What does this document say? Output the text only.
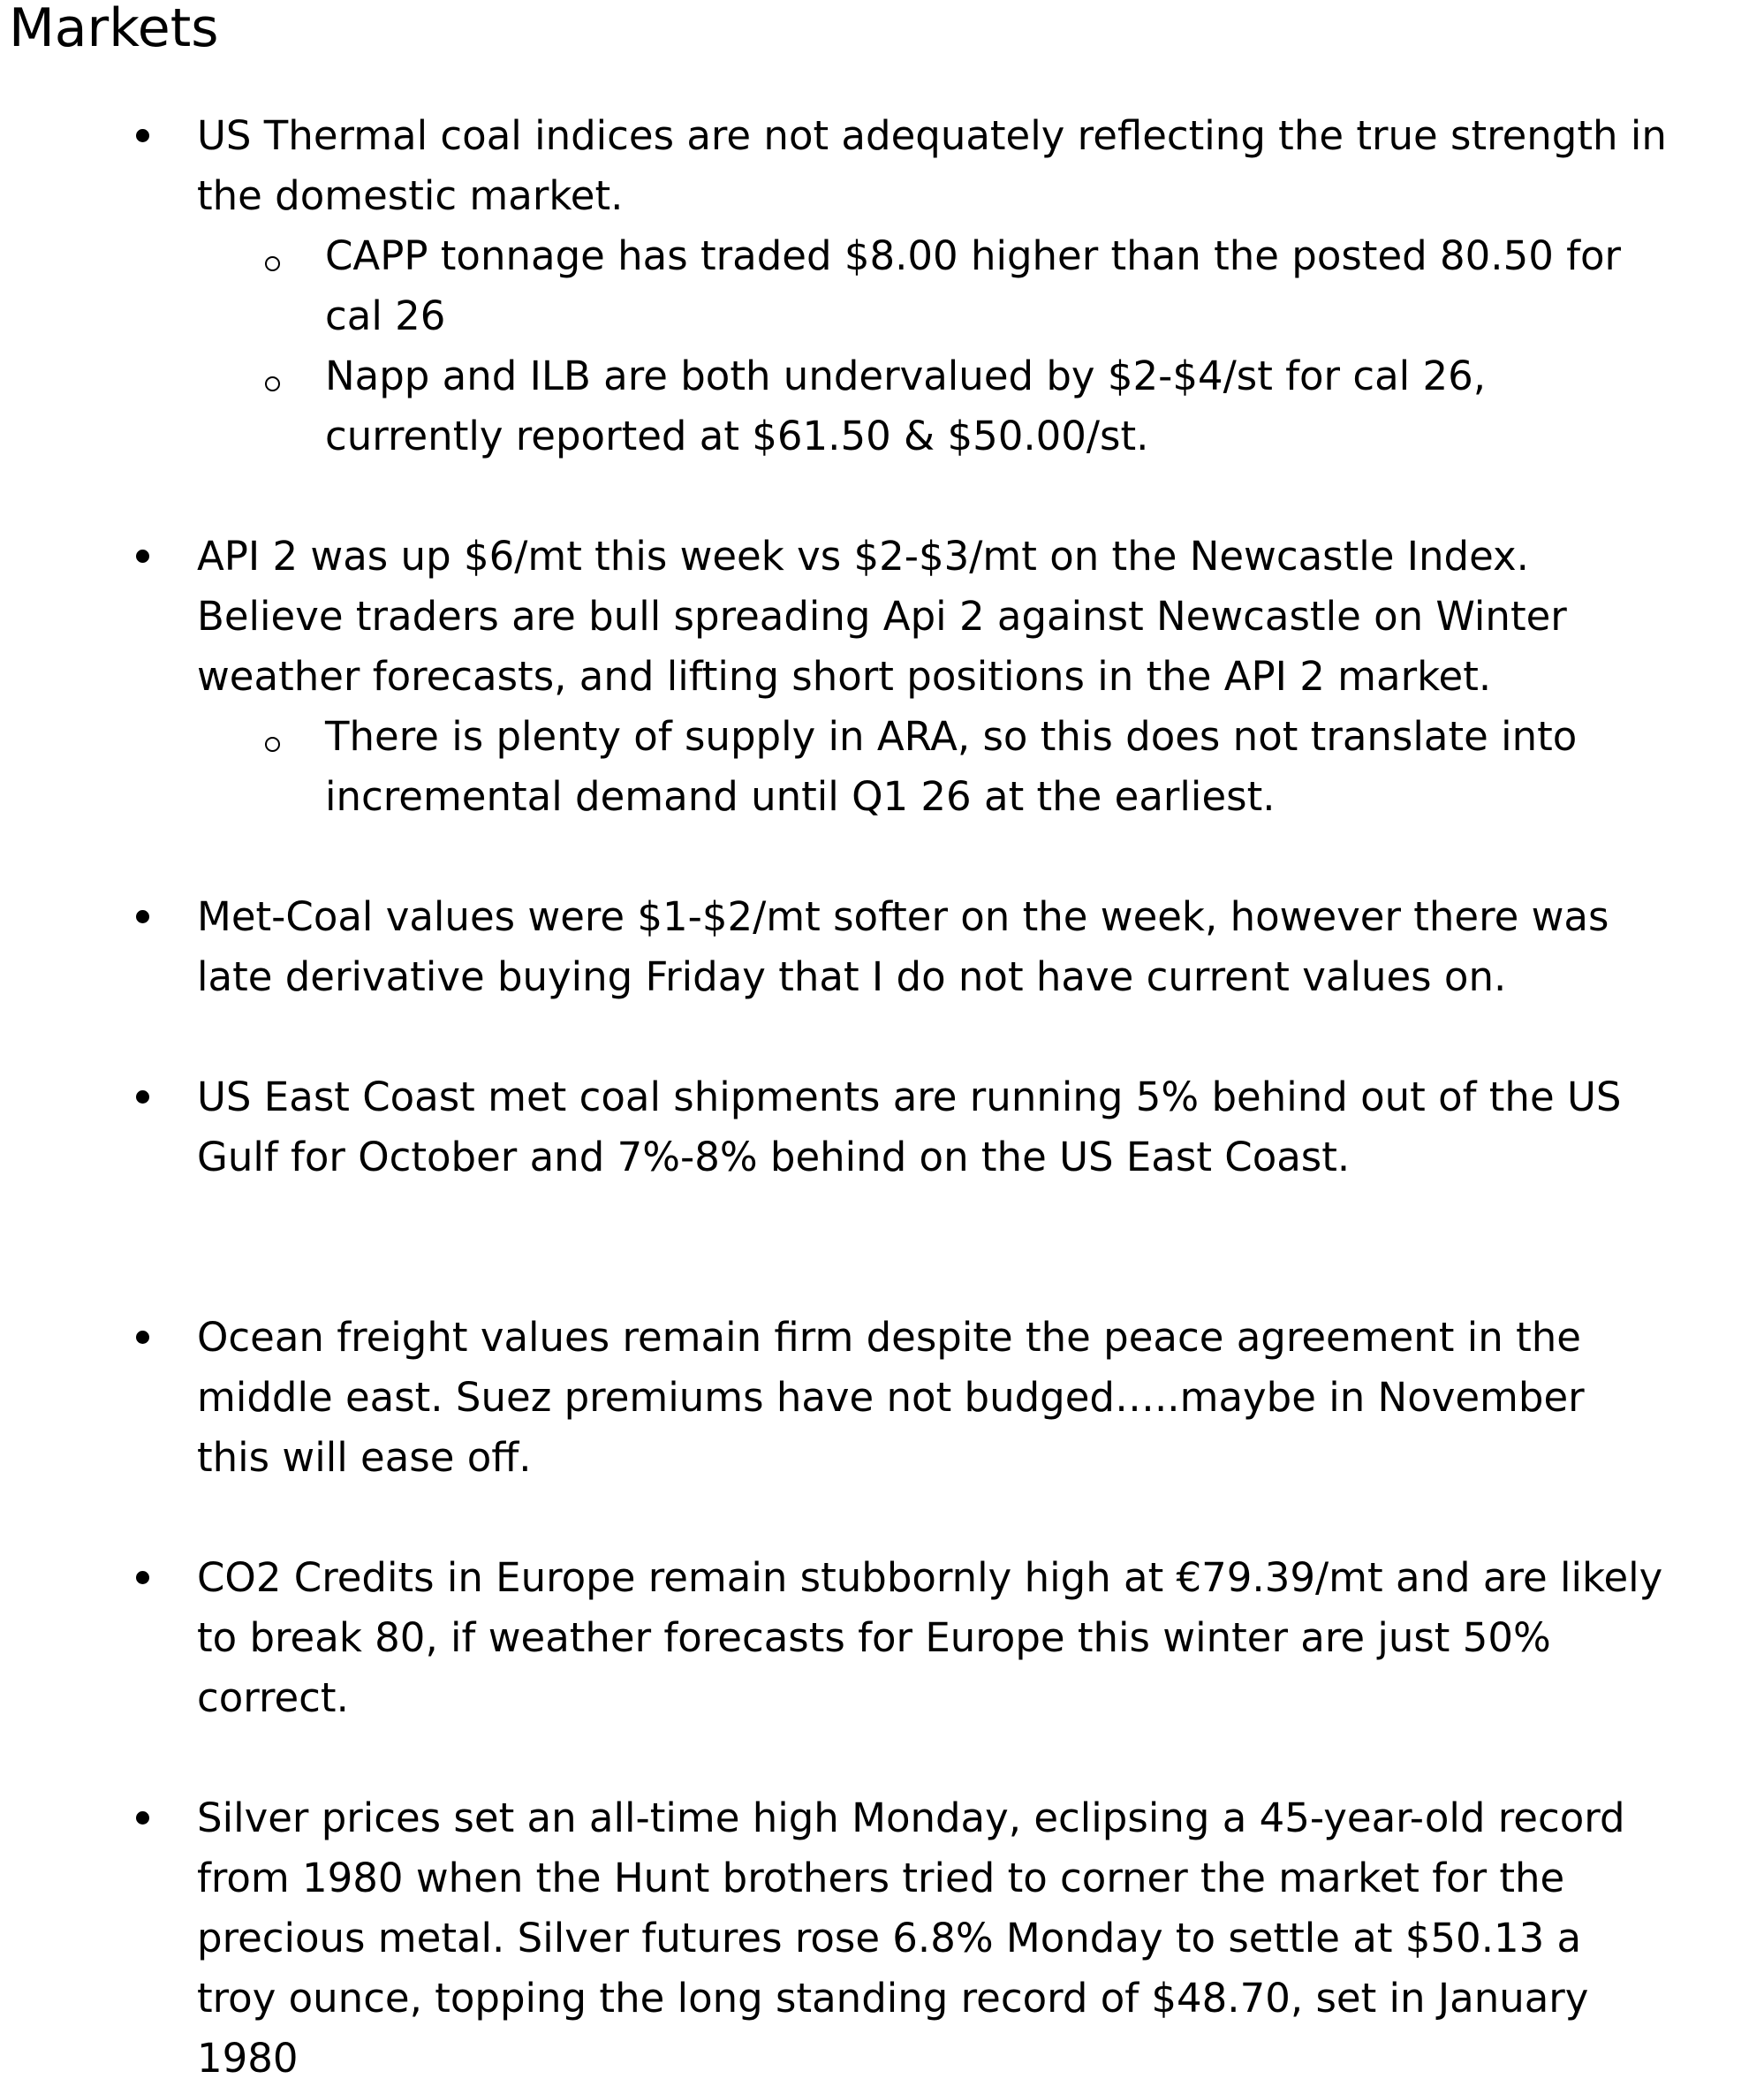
Markets
US Thermal coal indices are not adequately reflecting the true strength in the domestic market.
CAPP tonnage has traded $8.00 higher than the posted 80.50 for cal 26
Napp and ILB are both undervalued by $2-$4/st for cal 26, currently reported at $61.50 & $50.00/st.
API 2 was up $6/mt this week vs $2-$3/mt on the Newcastle Index. Believe traders are bull spreading Api 2 against Newcastle on Winter weather forecasts, and lifting short positions in the API 2 market.
There is plenty of supply in ARA, so this does not translate into incremental demand until Q1 26 at the earliest.
Met-Coal values were $1-$2/mt softer on the week, however there was late derivative buying Friday that I do not have current values on.
US East Coast met coal shipments are running 5% behind out of the US Gulf for October and 7%-8% behind on the US East Coast.
Ocean freight values remain firm despite the peace agreement in the middle east. Suez premiums have not budged…..maybe in November this will ease off.
CO2 Credits in Europe remain stubbornly high at €79.39/mt and are likely to break 80, if weather forecasts for Europe this winter are just 50% correct.
Silver prices set an all-time high Monday, eclipsing a 45-year-old record from 1980 when the Hunt brothers tried to corner the market for the precious metal. Silver futures rose 6.8% Monday to settle at $50.13 a troy ounce, topping the long standing record of $48.70, set in January 1980
